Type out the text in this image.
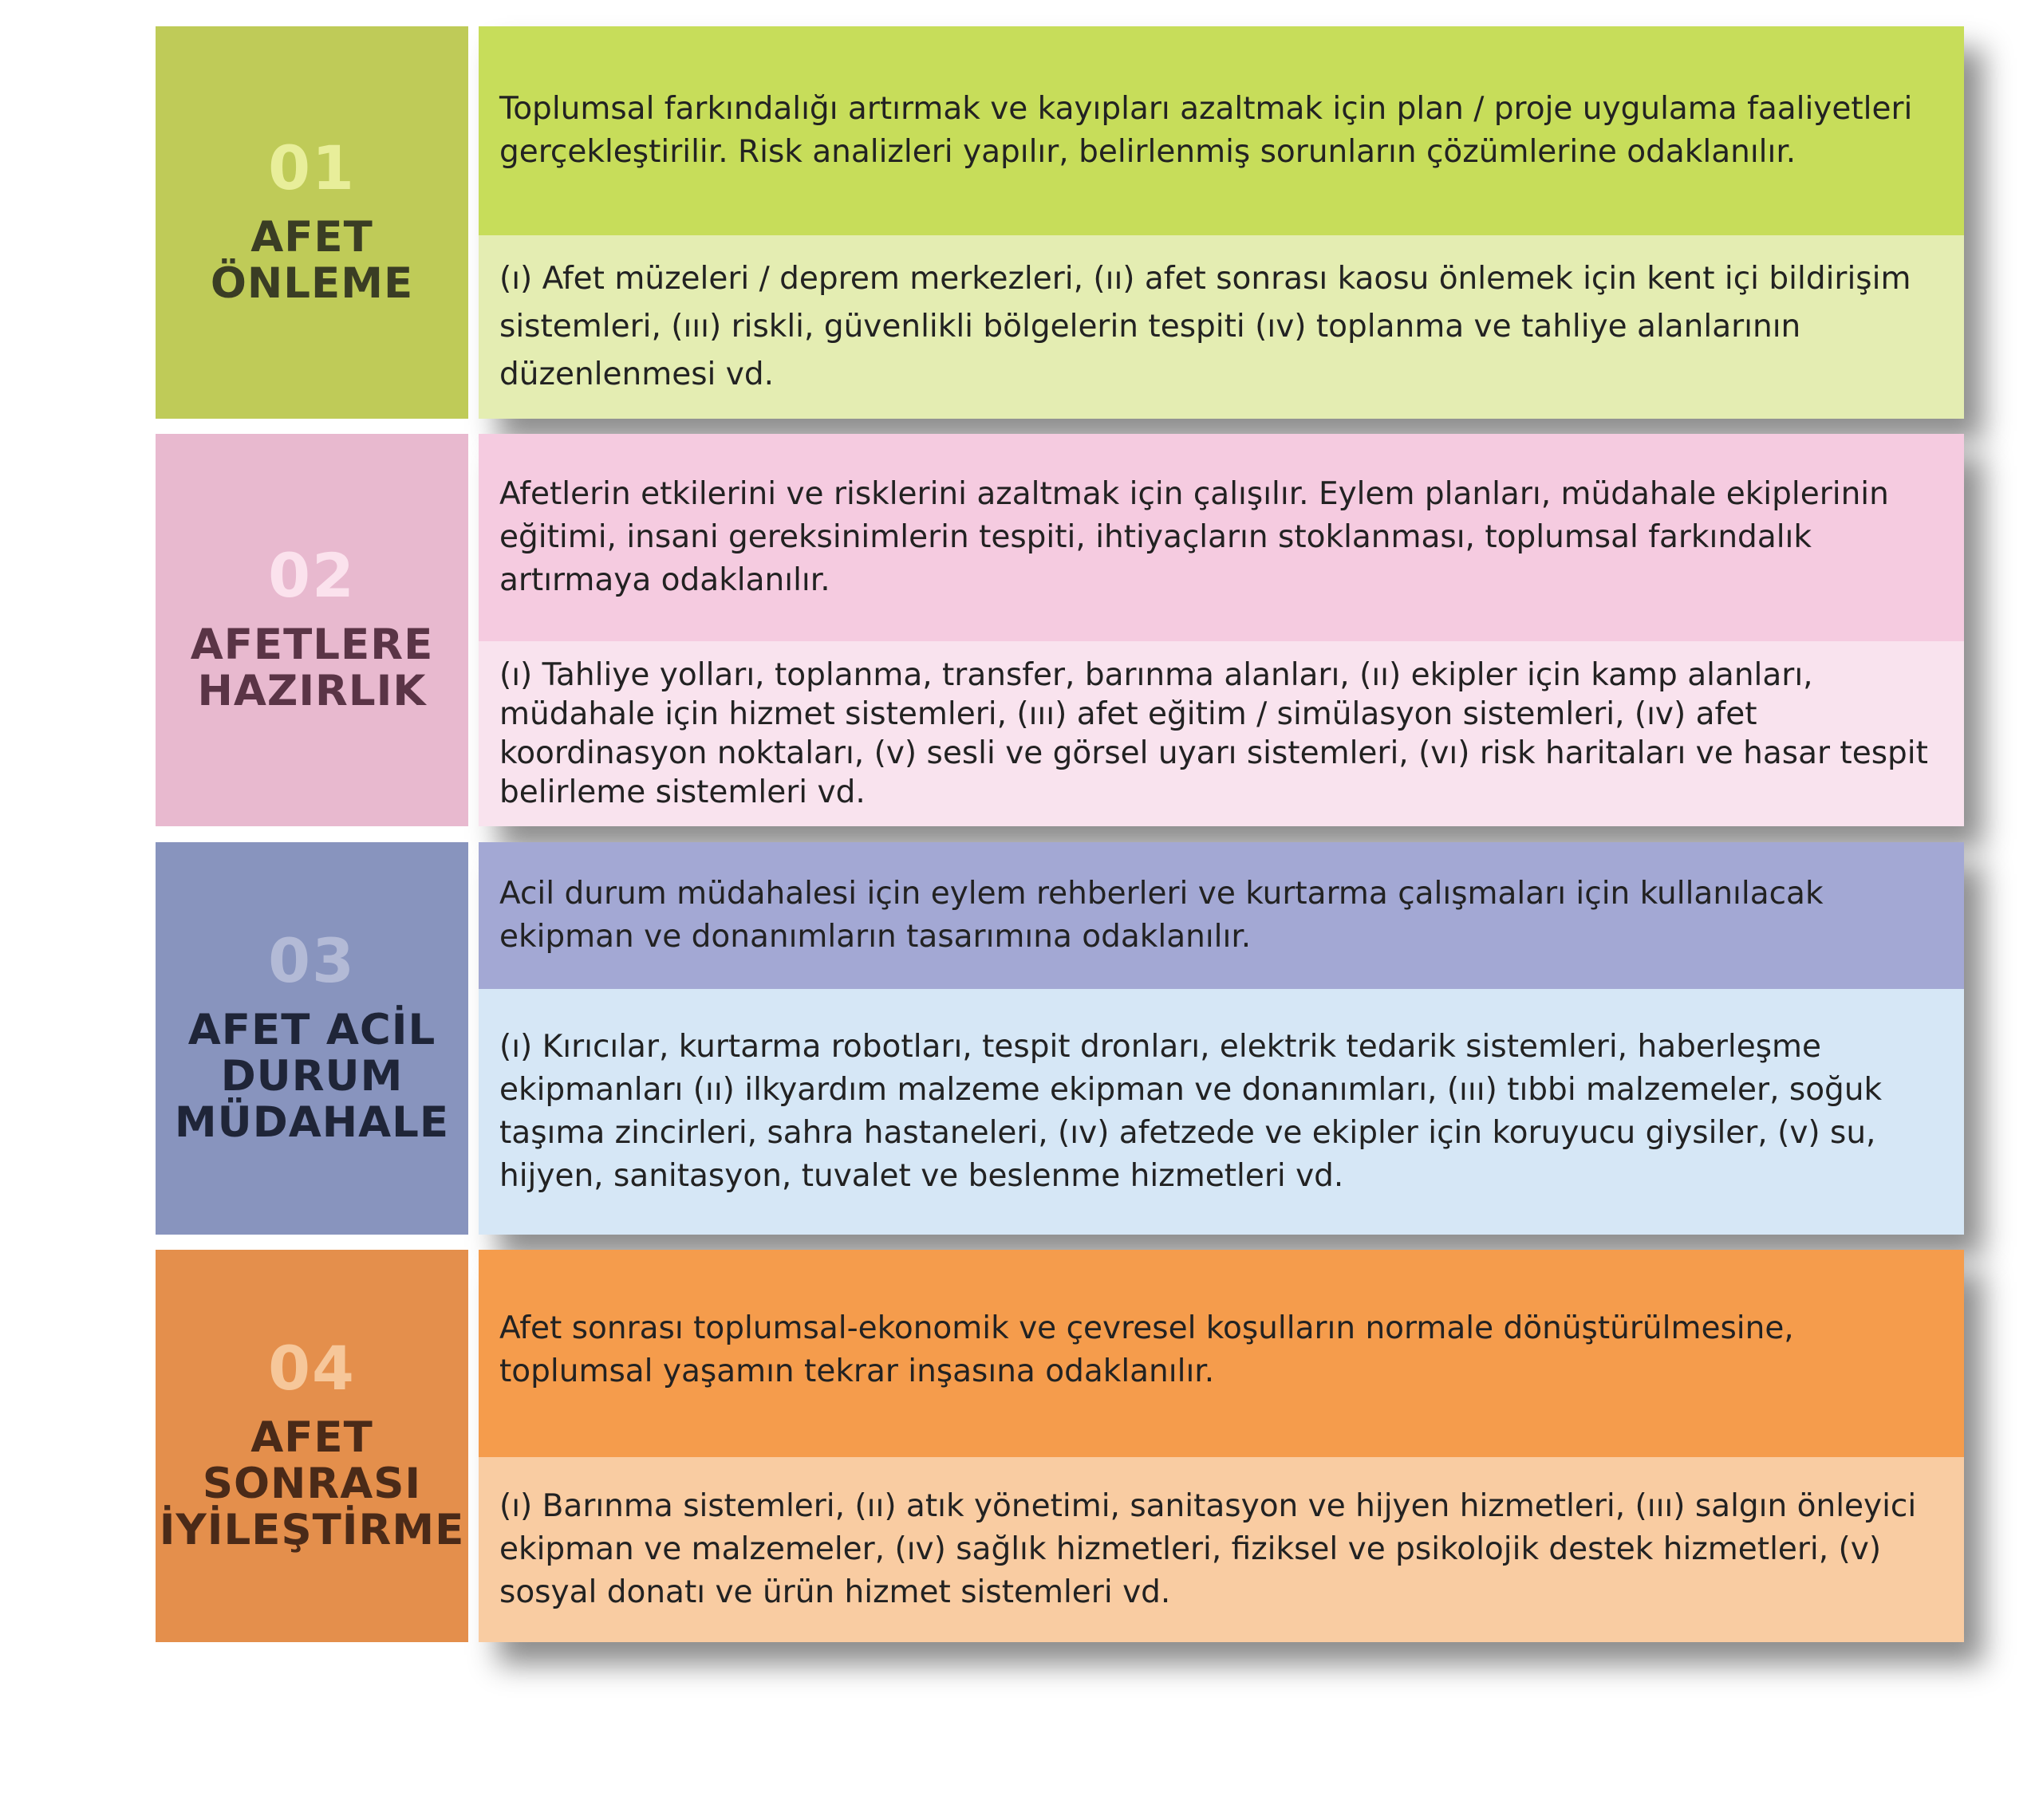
01
AFET
ÖNLEME
Toplumsal farkındalığı artırmak ve kayıpları azaltmak için plan / proje uygulama faaliyetleri gerçekleştirilir. Risk analizleri yapılır, belirlenmiş sorunların çözümlerine odaklanılır.
(ı) Afet müzeleri / deprem merkezleri, (ıı) afet sonrası kaosu önlemek için kent içi bildirişim sistemleri, (ııı) riskli, güvenlikli bölgelerin tespiti (ıv) toplanma ve tahliye alanlarının düzenlenmesi vd.
02
AFETLERE
HAZIRLIK
Afetlerin etkilerini ve risklerini azaltmak için çalışılır. Eylem planları, müdahale ekiplerinin eğitimi, insani gereksinimlerin tespiti, ihtiyaçların stoklanması, toplumsal farkındalık artırmaya odaklanılır.
(ı) Tahliye yolları, toplanma, transfer, barınma alanları, (ıı) ekipler için kamp alanları, müdahale için hizmet sistemleri, (ııı) afet eğitim / simülasyon sistemleri, (ıv) afet koordinasyon noktaları, (v) sesli ve görsel uyarı sistemleri, (vı) risk haritaları ve hasar tespit belirleme sistemleri vd.
03
AFET ACİL
DURUM
MÜDAHALE
Acil durum müdahalesi için eylem rehberleri ve kurtarma çalışmaları için kullanılacak ekipman ve donanımların tasarımına odaklanılır.
(ı) Kırıcılar, kurtarma robotları, tespit dronları, elektrik tedarik sistemleri, haberleşme ekipmanları (ıı) ilkyardım malzeme ekipman ve donanımları, (ııı) tıbbi malzemeler, soğuk taşıma zincirleri, sahra hastaneleri, (ıv) afetzede ve ekipler için koruyucu giysiler, (v) su, hijyen, sanitasyon, tuvalet ve beslenme hizmetleri vd.
04
AFET
SONRASI
İYİLEŞTİRME
Afet sonrası toplumsal-ekonomik ve çevresel koşulların normale dönüştürülmesine, toplumsal yaşamın tekrar inşasına odaklanılır.
(ı) Barınma sistemleri, (ıı) atık yönetimi, sanitasyon ve hijyen hizmetleri, (ııı) salgın önleyici ekipman ve malzemeler, (ıv) sağlık hizmetleri, fiziksel ve psikolojik destek hizmetleri, (v) sosyal donatı ve ürün hizmet sistemleri vd.
